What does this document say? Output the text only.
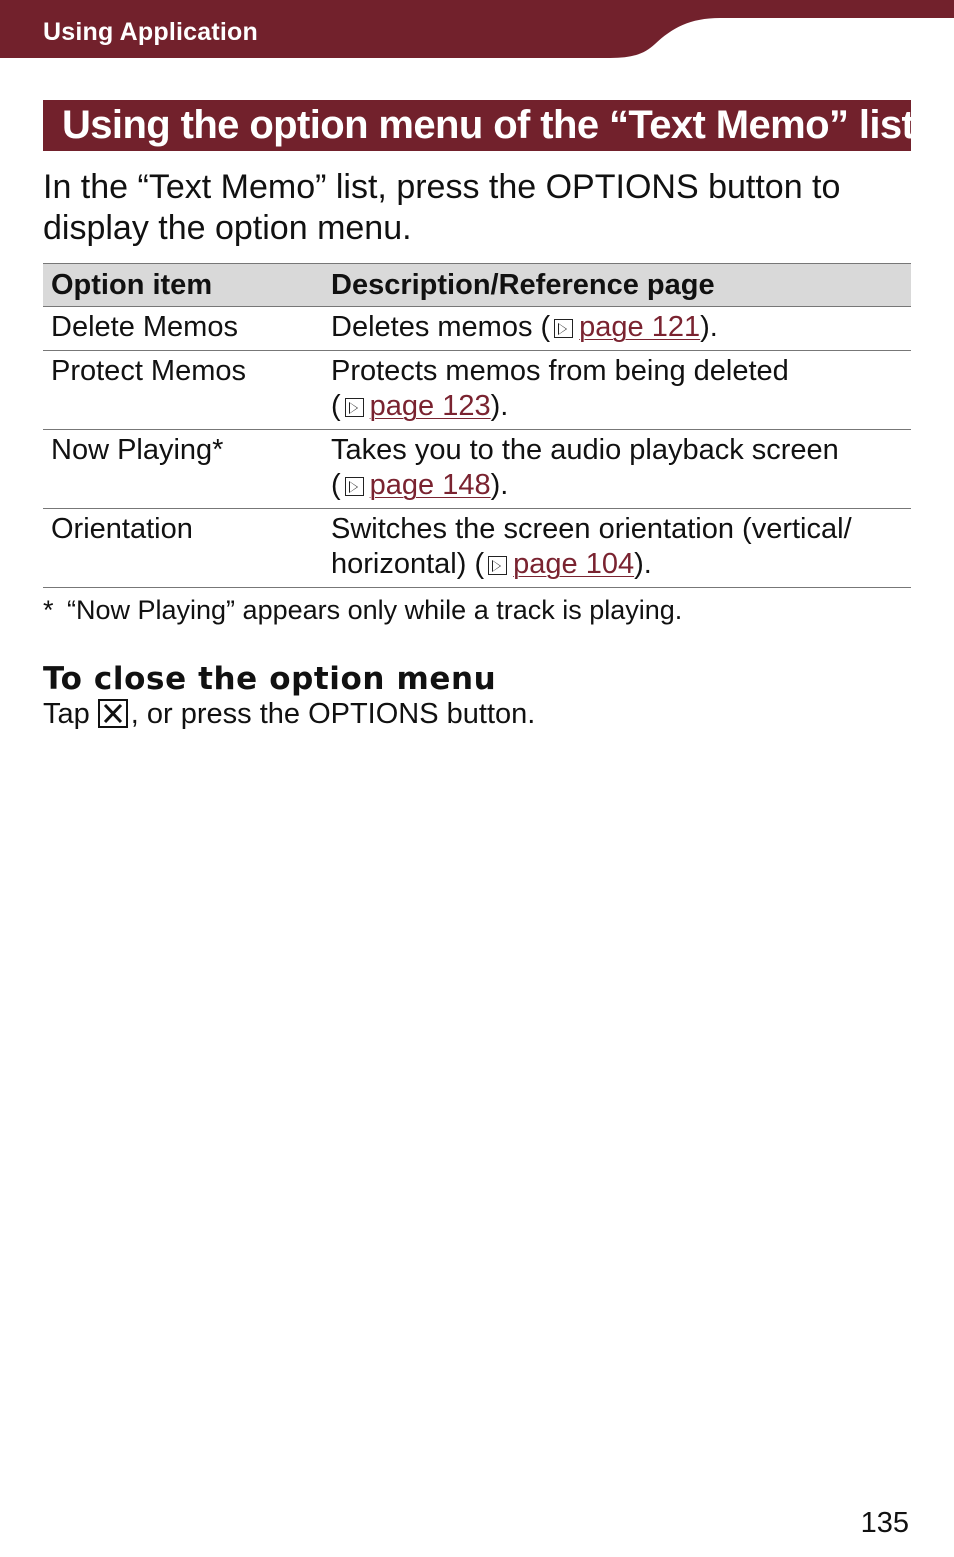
Using Application
Using the option menu of the “Text Memo” list
In the “Text Memo” list, press the OPTIONS button to display the option menu.
Option item	Description/Reference page
Delete Memos	Deletes memos ( page 121).
Protect Memos	Protects memos from being deleted
( page 123).

Now Playing*	Takes you to the audio playback screen
( page 148).

Orientation	Switches the screen orientation (vertical/
horizontal) ( page 104).
* “Now Playing” appears only while a track is playing.
To close the option menu
Tap , or press the OPTIONS button.
135
